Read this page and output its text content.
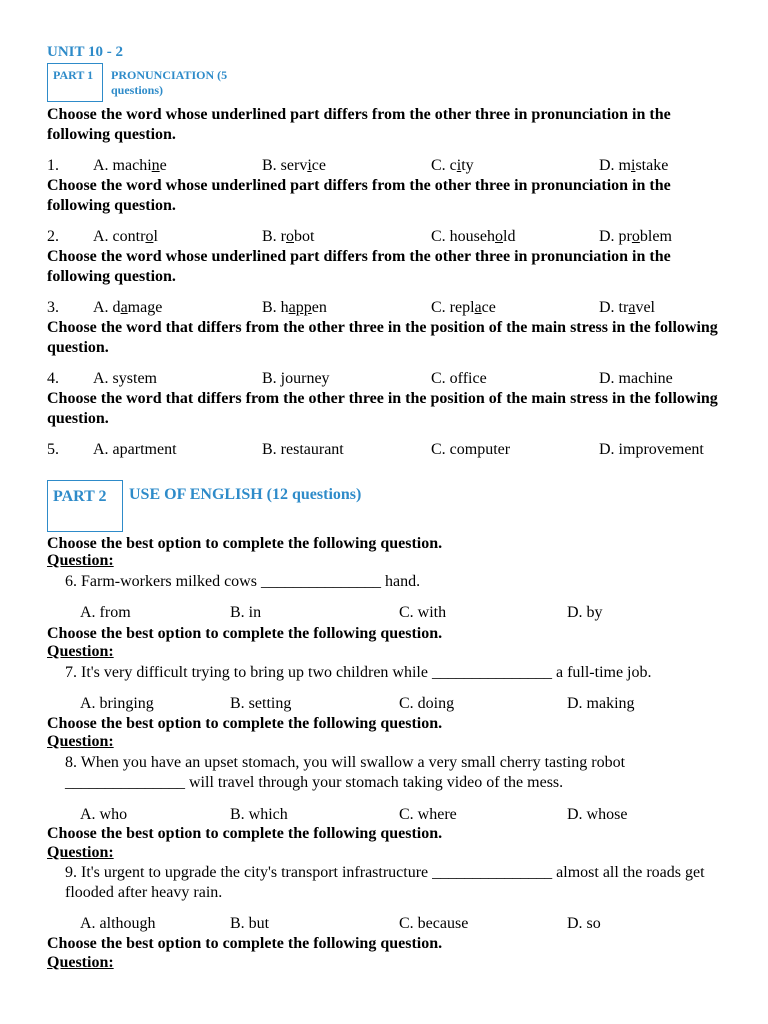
UNIT 10 - 2
PART 1 PRONUNCIATION (5 questions)
Choose the word whose underlined part differs from the other three in pronunciation in the following question.
1. A. machine	B. service	C. city	D. mistake
Choose the word whose underlined part differs from the other three in pronunciation in the following question.
2. A. control	B. robot	C. household	D. problem
Choose the word whose underlined part differs from the other three in pronunciation in the following question.
3. A. damage	B. happen	C. replace	D. travel
Choose the word that differs from the other three in the position of the main stress in the following question.
4. A. system	B. journey	C. office	D. machine
Choose the word that differs from the other three in the position of the main stress in the following question.
5. A. apartment	B. restaurant	C. computer	D. improvement
PART 2	USE OF ENGLISH (12 questions)
Choose the best option to complete the following question.
Question:
6. Farm-workers milked cows _______________ hand.
A. from	B. in	C. with	D. by
Choose the best option to complete the following question.
Question:
7. It's very difficult trying to bring up two children while _______________ a full-time job.
A. bringing	B. setting	C. doing	D. making
Choose the best option to complete the following question.
Question:
8. When you have an upset stomach, you will swallow a very small cherry tasting robot _______________ will travel through your stomach taking video of the mess.
A. who	B. which	C. where	D. whose
Choose the best option to complete the following question.
Question:
9. It's urgent to upgrade the city's transport infrastructure _______________ almost all the roads get flooded after heavy rain.
A. although	B. but	C. because	D. so
Choose the best option to complete the following question.
Question:
